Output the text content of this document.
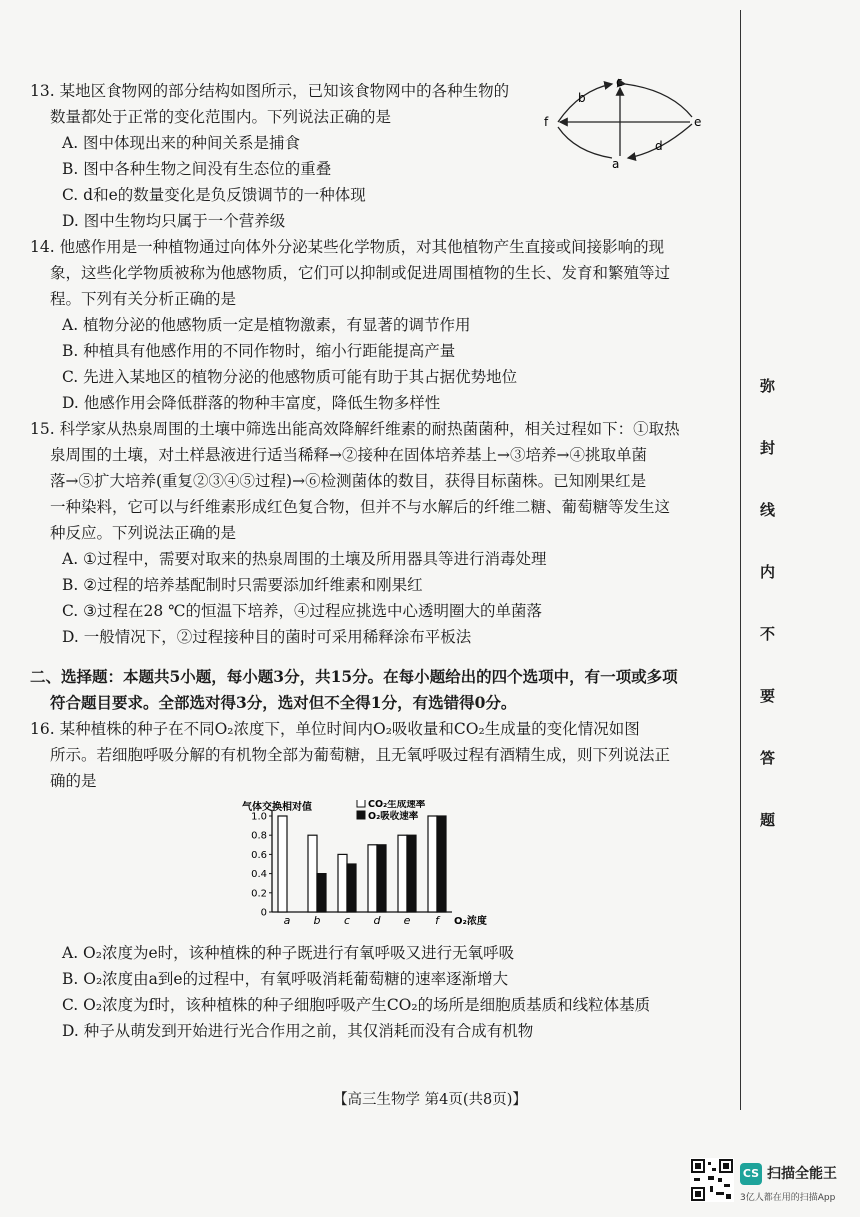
13. 某地区食物网的部分结构如图所示，已知该食物网中的各种生物的

数量都处于正常的变化范围内。下列说法正确的是

A. 图中体现出来的种间关系是捕食

B. 图中各种生物之间没有生态位的重叠

C. d和e的数量变化是负反馈调节的一种体现

D. 图中生物均只属于一个营养级

c
b
f	e
d
a

14. 他感作用是一种植物通过向体外分泌某些化学物质，对其他植物产生直接或间接影响的现

象，这些化学物质被称为他感物质，它们可以抑制或促进周围植物的生长、发育和繁殖等过

程。下列有关分析正确的是

A. 植物分泌的他感物质一定是植物激素，有显著的调节作用

B. 种植具有他感作用的不同作物时，缩小行距能提高产量

C. 先进入某地区的植物分泌的他感物质可能有助于其占据优势地位

D. 他感作用会降低群落的物种丰富度，降低生物多样性

15. 科学家从热泉周围的土壤中筛选出能高效降解纤维素的耐热菌菌种，相关过程如下：①取热

泉周围的土壤，对土样悬液进行适当稀释→②接种在固体培养基上→③培养→④挑取单菌

落→⑤扩大培养(重复②③④⑤过程)→⑥检测菌体的数目，获得目标菌株。已知刚果红是

一种染料，它可以与纤维素形成红色复合物，但并不与水解后的纤维二糖、葡萄糖等发生这

种反应。下列说法正确的是

A. ①过程中，需要对取来的热泉周围的土壤及所用器具等进行消毒处理

B. ②过程的培养基配制时只需要添加纤维素和刚果红

C. ③过程在28 ℃的恒温下培养，④过程应挑选中心透明圈大的单菌落

D. 一般情况下，②过程接种目的菌时可采用稀释涂布平板法

二、选择题：本题共5小题，每小题3分，共15分。在每小题给出的四个选项中，有一项或多项

符合题目要求。全部选对得3分，选对但不全得1分，有选错得0分。

16. 某种植株的种子在不同O₂浓度下，单位时间内O₂吸收量和CO₂生成量的变化情况如图

所示。若细胞呼吸分解的有机物全部为葡萄糖，且无氧呼吸过程有酒精生成，则下列说法正

确的是

0
0.2
0.4
0.6
0.8
1.0
气体交换相对值	CO₂生成速率
O₂吸收速率
a b c d e f O₂浓度

A. O₂浓度为e时，该种植株的种子既进行有氧呼吸又进行无氧呼吸

B. O₂浓度由a到e的过程中，有氧呼吸消耗葡萄糖的速率逐渐增大

C. O₂浓度为f时，该种植株的种子细胞呼吸产生CO₂的场所是细胞质基质和线粒体基质

D. 种子从萌发到开始进行光合作用之前，其仅消耗而没有合成有机物

弥
封
线
内
不
要
答
题
【高三生物学 第4页(共8页)】
CS 扫描全能王
3亿人都在用的扫描App
